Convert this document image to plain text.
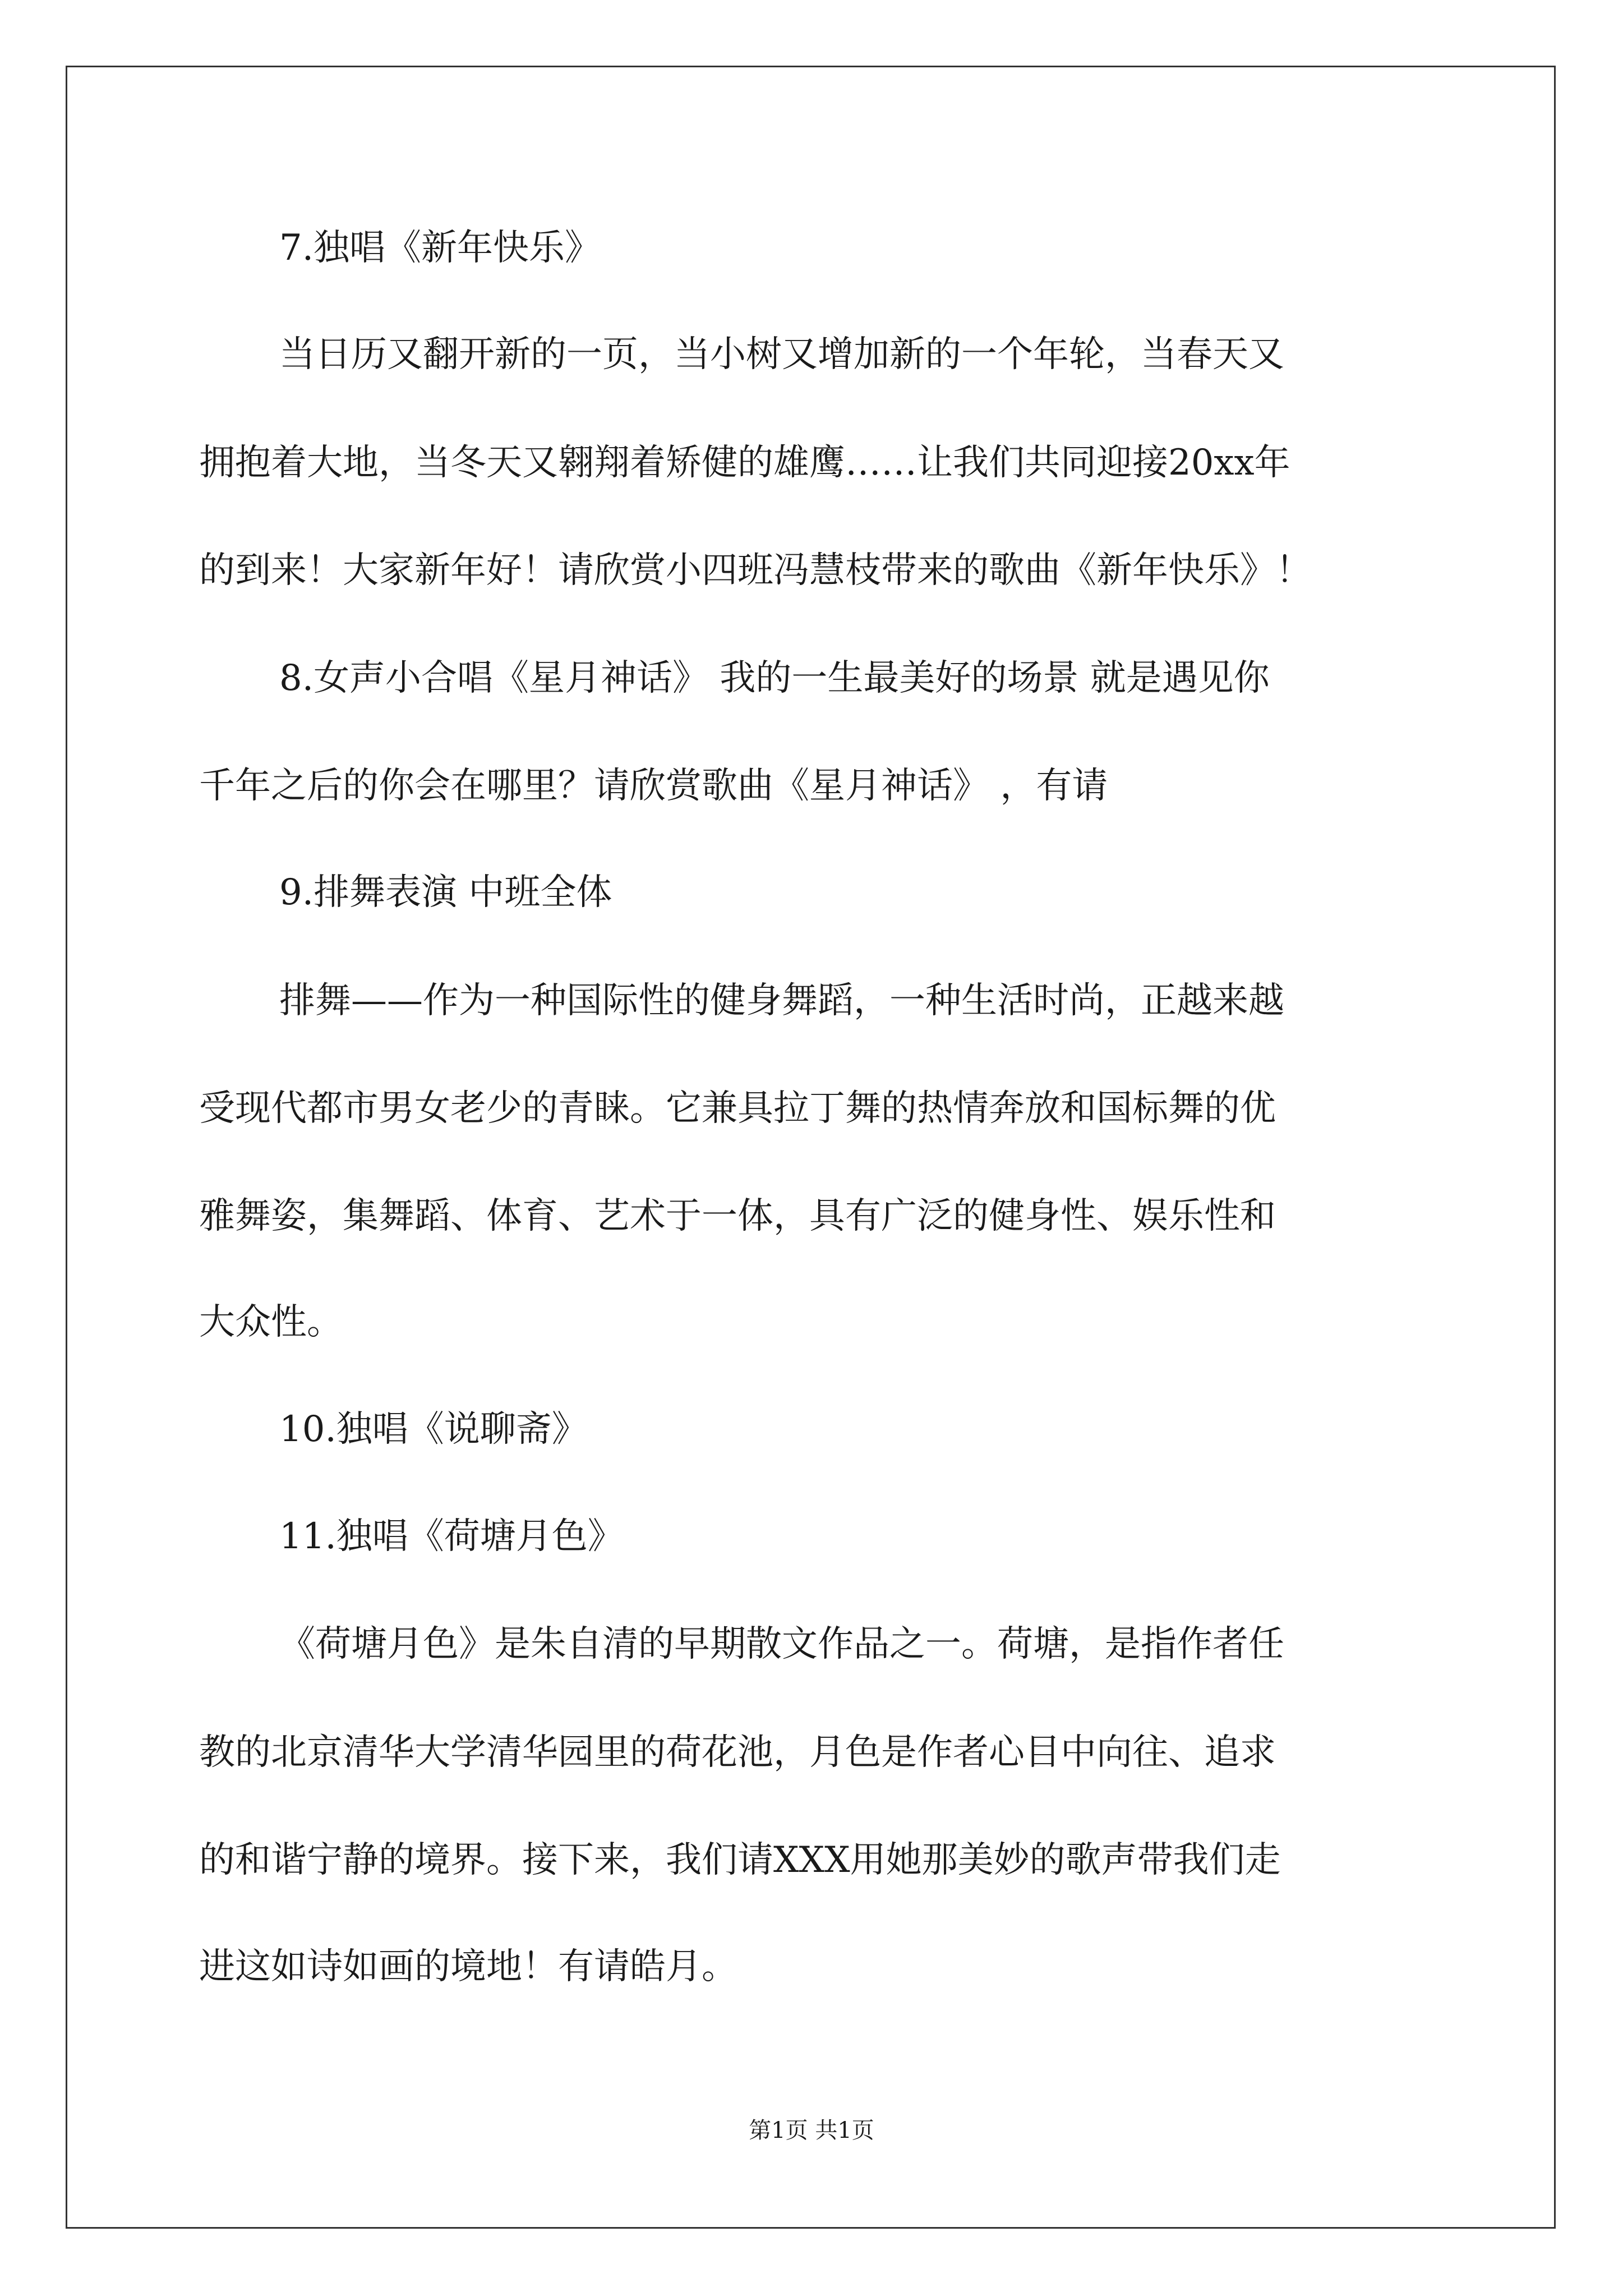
7.独唱《新年快乐》
当日历又翻开新的一页，当小树又增加新的一个年轮，当春天又
拥抱着大地，当冬天又翱翔着矫健的雄鹰……让我们共同迎接20xx年
的到来！大家新年好！请欣赏小四班冯慧枝带来的歌曲《新年快乐》！
8.女声小合唱《星月神话》 我的一生最美好的场景 就是遇见你
千年之后的你会在哪里？请欣赏歌曲《星月神话》 ，有请
9.排舞表演 中班全体
排舞——作为一种国际性的健身舞蹈，一种生活时尚，正越来越
受现代都市男女老少的青睐。它兼具拉丁舞的热情奔放和国标舞的优
雅舞姿，集舞蹈、体育、艺术于一体，具有广泛的健身性、娱乐性和
大众性。
10.独唱《说聊斋》
11.独唱《荷塘月色》
《荷塘月色》是朱自清的早期散文作品之一。荷塘，是指作者任
教的北京清华大学清华园里的荷花池，月色是作者心目中向往、追求
的和谐宁静的境界。接下来，我们请XXX用她那美妙的歌声带我们走
进这如诗如画的境地！有请皓月。
第1页 共1页
